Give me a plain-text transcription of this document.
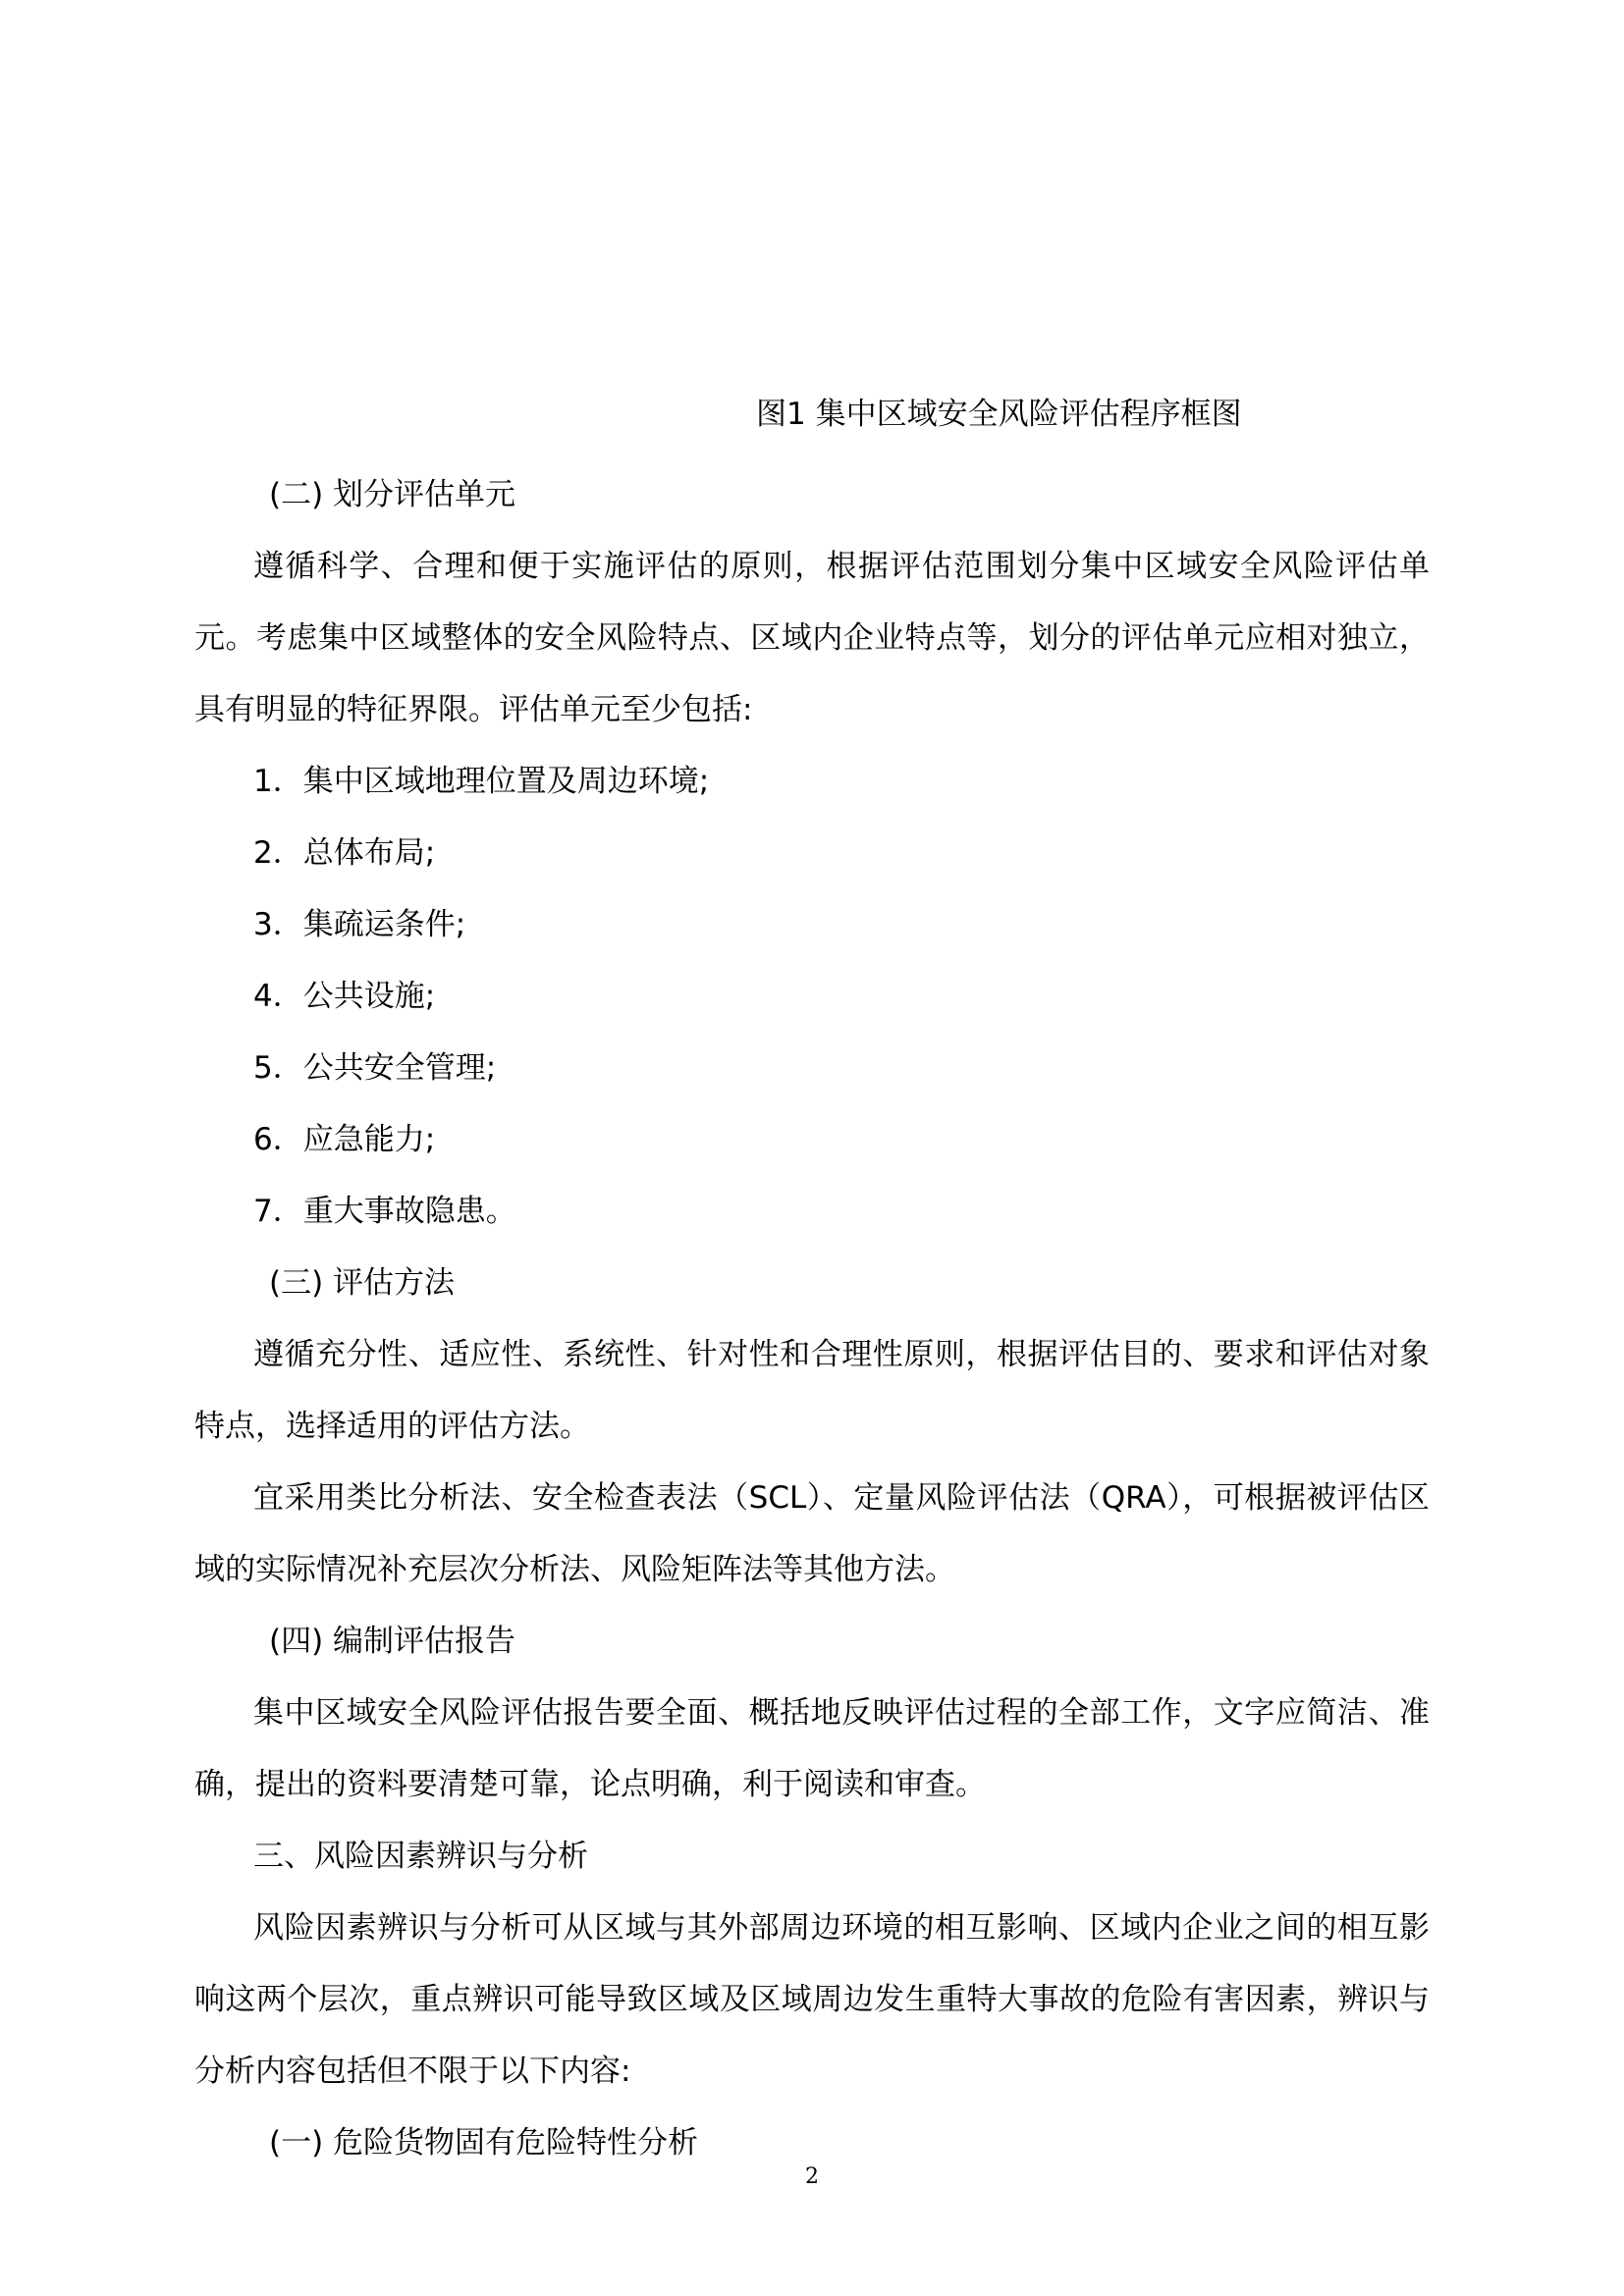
图1 集中区域安全风险评估程序框图

(二) 划分评估单元

遵循科学、合理和便于实施评估的原则，根据评估范围划分集中区域安全风险评估单元。考虑集中区域整体的安全风险特点、区域内企业特点等，划分的评估单元应相对独立，具有明显的特征界限。评估单元至少包括:

1．集中区域地理位置及周边环境;

2．总体布局;

3．集疏运条件;

4．公共设施;

5．公共安全管理;

6．应急能力;

7．重大事故隐患。

(三) 评估方法

遵循充分性、适应性、系统性、针对性和合理性原则，根据评估目的、要求和评估对象特点，选择适用的评估方法。

宜采用类比分析法、安全检查表法（SCL）、定量风险评估法（QRA），可根据被评估区域的实际情况补充层次分析法、风险矩阵法等其他方法。

(四) 编制评估报告

集中区域安全风险评估报告要全面、概括地反映评估过程的全部工作，文字应简洁、准确，提出的资料要清楚可靠，论点明确，利于阅读和审查。

三、风险因素辨识与分析

风险因素辨识与分析可从区域与其外部周边环境的相互影响、区域内企业之间的相互影响这两个层次，重点辨识可能导致区域及区域周边发生重特大事故的危险有害因素，辨识与分析内容包括但不限于以下内容:

(一) 危险货物固有危险特性分析

2
